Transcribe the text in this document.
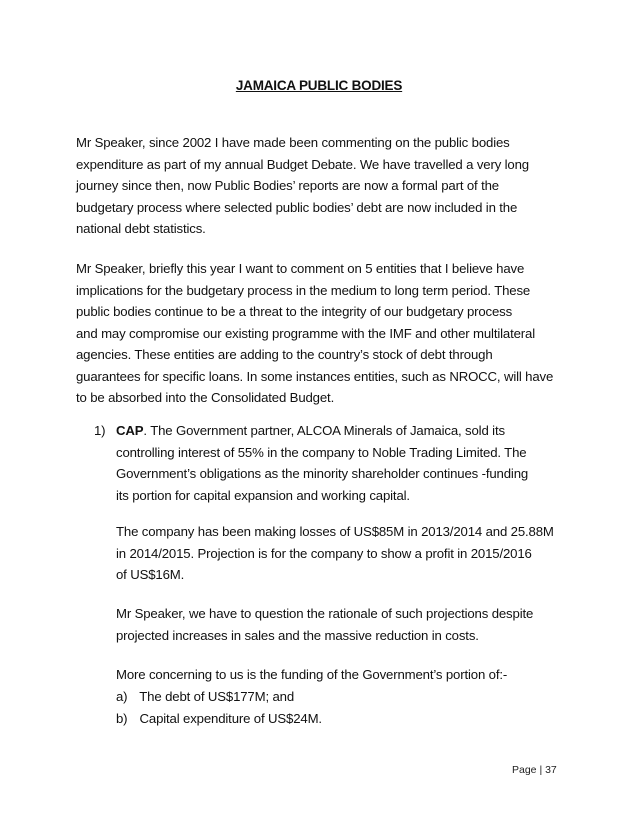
JAMAICA PUBLIC BODIES
Mr Speaker, since 2002 I have made been commenting on the public bodies
expenditure as part of my annual Budget Debate. We have travelled a very long
journey since then, now Public Bodies’ reports are now a formal part of the
budgetary process where selected public bodies’ debt are now included in the
national debt statistics.
Mr Speaker, briefly this year I want to comment on 5 entities that I believe have
implications for the budgetary process in the medium to long term period. These
public bodies continue to be a threat to the integrity of our budgetary process
and may compromise our existing programme with the IMF and other multilateral
agencies. These entities are adding to the country’s stock of debt through
guarantees for specific loans. In some instances entities, such as NROCC, will have
to be absorbed into the Consolidated Budget.
1) CAP. The Government partner, ALCOA Minerals of Jamaica, sold its
controlling interest of 55% in the company to Noble Trading Limited. The
Government’s obligations as the minority shareholder continues -funding
its portion for capital expansion and working capital.
The company has been making losses of US$85M in 2013/2014 and 25.88M
in 2014/2015. Projection is for the company to show a profit in 2015/2016
of US$16M.
Mr Speaker, we have to question the rationale of such projections despite
projected increases in sales and the massive reduction in costs.
More concerning to us is the funding of the Government’s portion of:-
a) The debt of US$177M; and
b) Capital expenditure of US$24M.
Page | 37
